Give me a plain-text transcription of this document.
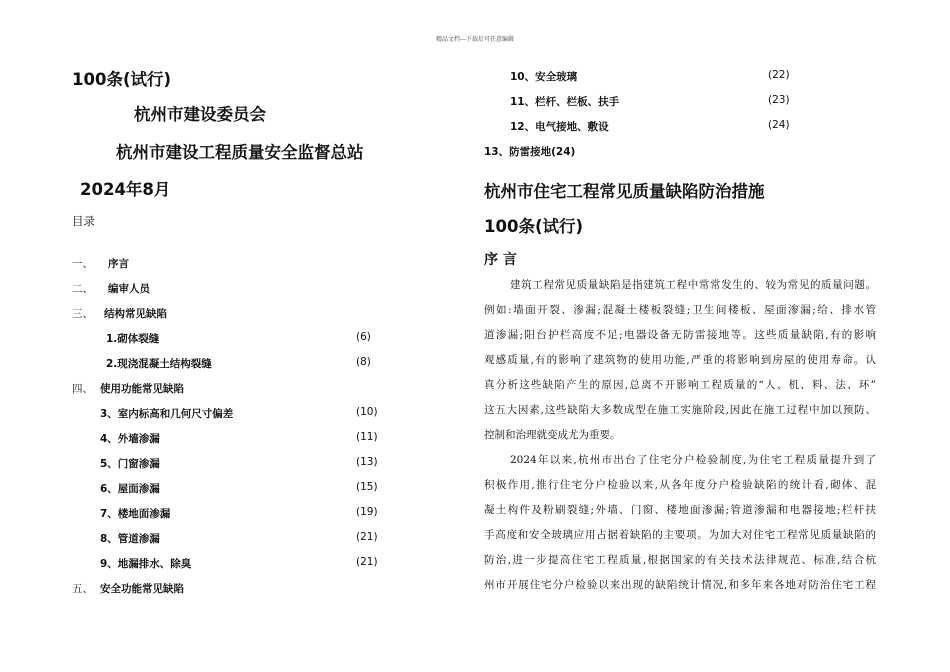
精品文档---下载后可任意编辑
100条(试行)
杭州市建设委员会
杭州市建设工程质量安全监督总站
2024年8月
目录
一、 序言
二、 编审人员
三、 结构常见缺陷
1.砌体裂缝	(6)
2.现浇混凝土结构裂缝	(8)
四、 使用功能常见缺陷
3、室内标高和几何尺寸偏差	(10)
4、外墙渗漏	(11)
5、门窗渗漏	(13)
6、屋面渗漏	(15)
7、楼地面渗漏	(19)
8、管道渗漏	(21)
9、地漏排水、除臭	(21)
五、 安全功能常见缺陷
10、安全玻璃	(22)
11、栏杆、栏板、扶手	(23)
12、电气接地、敷设	(24)
13、防雷接地(24)
杭州市住宅工程常见质量缺陷防治措施
100条(试行)
序 言
建筑工程常见质量缺陷是指建筑工程中常常发生的、较为常见的质量问题。
例如:墙面开裂、渗漏;混凝土楼板裂缝;卫生间楼板、屋面渗漏;给、排水管
道渗漏;阳台护栏高度不足;电器设备无防雷接地等。这些质量缺陷,有的影响
观感质量,有的影响了建筑物的使用功能,严重的将影响到房屋的使用寿命。认
真分析这些缺陷产生的原因,总离不开影响工程质量的“人、机、料、法、环”
这五大因素,这些缺陷大多数成型在施工实施阶段,因此在施工过程中加以预防、
控制和治理就变成尤为重要。
2024年以来,杭州市出台了住宅分户检验制度,为住宅工程质量提升到了
积极作用,推行住宅分户检验以来,从各年度分户检验缺陷的统计看,砌体、混
凝土构件及粉刷裂缝;外墙、门窗、楼地面渗漏;管道渗漏和电器接地;栏杆扶
手高度和安全玻璃应用占据着缺陷的主要项。为加大对住宅工程常见质量缺陷的
防治,进一步提高住宅工程质量,根据国家的有关技术法律规范、标准,结合杭
州市开展住宅分户检验以来出现的缺陷统计情况,和多年来各地对防治住宅工程
